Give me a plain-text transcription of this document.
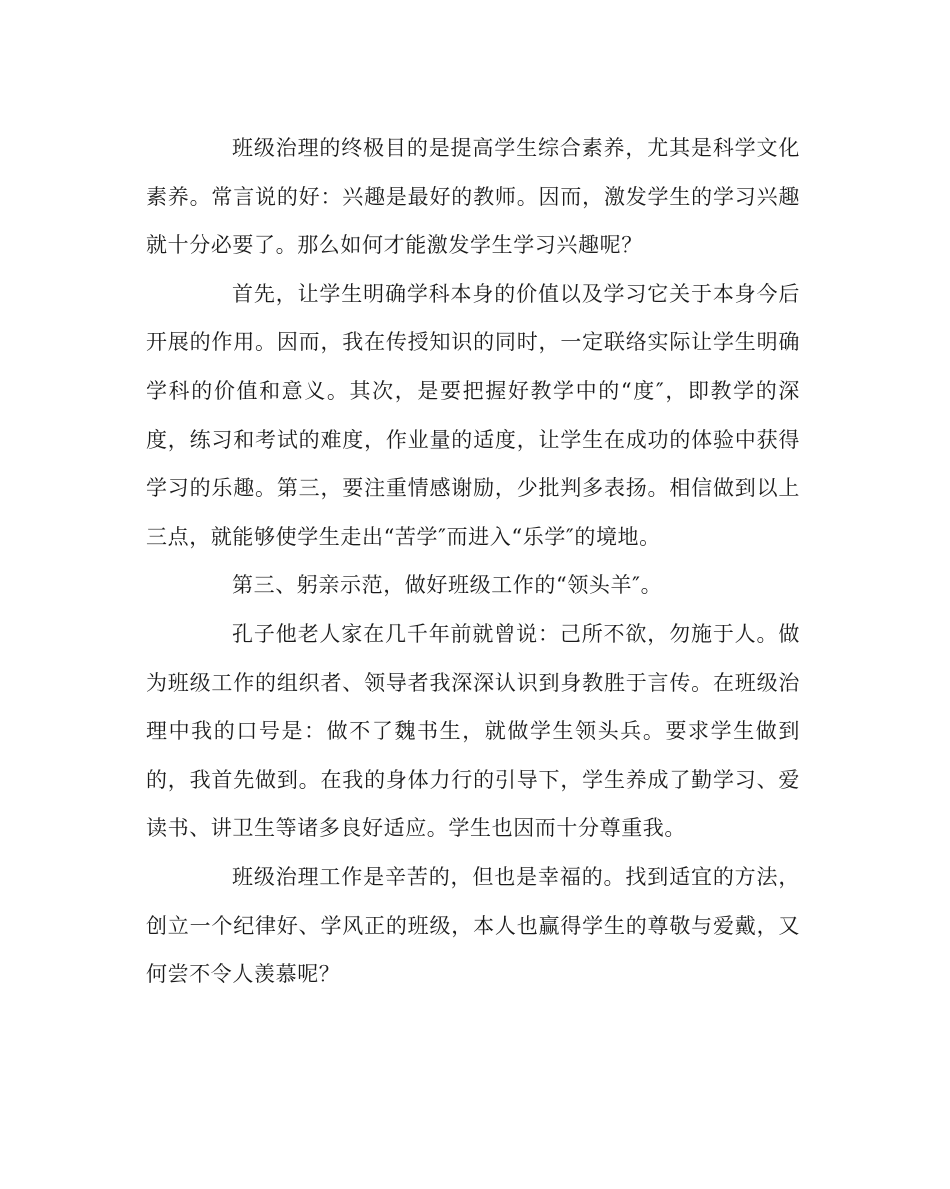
班级治理的终极目的是提高学生综合素养，尤其是科学文化素养。常言说的好：兴趣是最好的教师。因而，激发学生的学习兴趣就十分必要了。那么如何才能激发学生学习兴趣呢？

首先，让学生明确学科本身的价值以及学习它关于本身今后开展的作用。因而，我在传授知识的同时，一定联络实际让学生明确学科的价值和意义。其次，是要把握好教学中的“度″，即教学的深度，练习和考试的难度，作业量的适度，让学生在成功的体验中获得学习的乐趣。第三，要注重情感谢励，少批判多表扬。相信做到以上三点，就能够使学生走出“苦学″而进入“乐学″的境地。

第三、躬亲示范，做好班级工作的“领头羊″。

孔子他老人家在几千年前就曾说：己所不欲，勿施于人。做为班级工作的组织者、领导者我深深认识到身教胜于言传。在班级治理中我的口号是：做不了魏书生，就做学生领头兵。要求学生做到的，我首先做到。在我的身体力行的引导下，学生养成了勤学习、爱读书、讲卫生等诸多良好适应。学生也因而十分尊重我。

班级治理工作是辛苦的，但也是幸福的。找到适宜的方法，创立一个纪律好、学风正的班级，本人也赢得学生的尊敬与爱戴，又何尝不令人羡慕呢？
